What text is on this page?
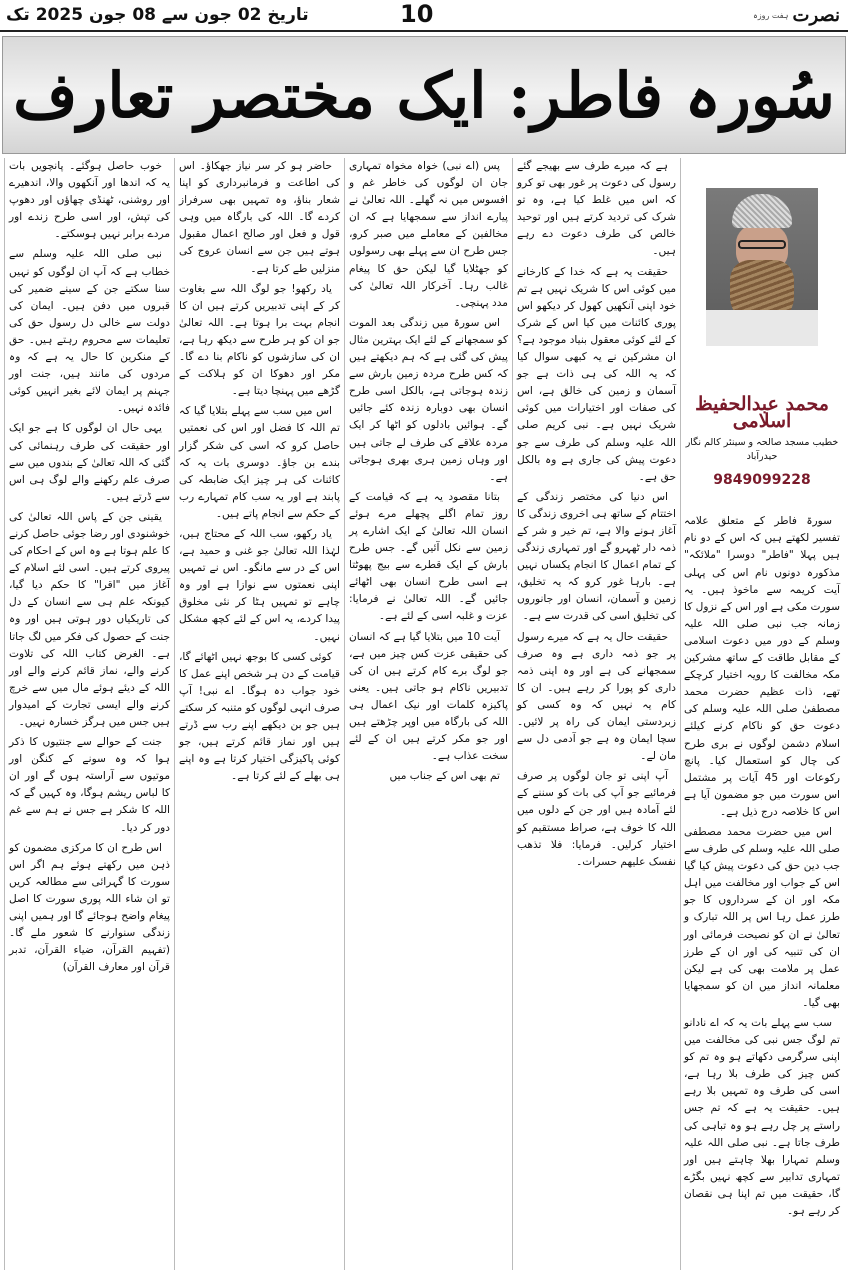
تاریخ 02 جون سے 08 جون 2025 تک	10	ہفت روزہ نصرت
سُورہ فاطر: ایک مختصر تعارف
محمد عبدالحفیظ اسلامی
خطیب مسجد صالحہ و سینئر کالم نگار حیدرآباد
9849099228

سورۃ فاطر کے متعلق علامہ تفسیر لکھتے ہیں کہ اس کے دو نام ہیں پہلا "فاطر" دوسرا "ملائکہ" مذکورہ دونوں نام اس کی پہلی آیت کریمہ سے ماخوذ ہیں۔ یہ سورت مکی ہے اور اس کے نزول کا زمانہ جب نبی صلی اللہ علیہ وسلم کے دور میں دعوت اسلامی کے مقابل طاقت کے ساتھ مشرکین مکہ مخالفت کا رویہ اختیار کرچکے تھے، ذات عظیم حضرت محمد مصطفیٰ صلی اللہ علیہ وسلم کی دعوت حق کو ناکام کرنے کیلئے اسلام دشمن لوگوں نے بری طرح کی چال کو استعمال کیا۔ پانچ رکوعات اور 45 آیات پر مشتمل اس سورت میں جو مضمون آیا ہے اس کا خلاصہ درج ذیل ہے۔

اس میں حضرت محمد مصطفی صلی اللہ علیہ وسلم کی طرف سے جب دین حق کی دعوت پیش کیا گیا اس کے جواب اور مخالفت میں اہل مکہ اور ان کے سرداروں کا جو طرز عمل رہا اس پر اللہ تبارک و تعالیٰ نے ان کو نصیحت فرمائی اور ان کی تنبیہ کی اور ان کے طرز عمل پر ملامت بھی کی ہے لیکن معلمانہ انداز میں ان کو سمجھایا بھی گیا۔

سب سے پہلے بات یہ کہ اے نادانو تم لوگ جس نبی کی مخالفت میں اپنی سرگرمی دکھاتے ہو وہ تم کو کس چیز کی طرف بلا رہا ہے، اسی کی طرف وہ تمہیں بلا رہے ہیں۔ حقیقت یہ ہے کہ تم جس راستے پر چل رہے ہو وہ تباہی کی طرف جاتا ہے۔ نبی صلی اللہ علیہ وسلم تمہارا بھلا چاہتے ہیں اور تمہاری تدابیر سے کچھ نہیں بگڑے گا، حقیقت میں تم اپنا ہی نقصان کر رہے ہو۔

ہے کہ میرے طرف سے بھیجے گئے رسول کی دعوت پر غور بھی تو کرو کہ اس میں غلط کیا ہے، وہ تو شرک کی تردید کرتے ہیں اور توحید خالص کی طرف دعوت دے رہے ہیں۔

حقیقت یہ ہے کہ خدا کے کارخانے میں کوئی اس کا شریک نہیں ہے تم خود اپنی آنکھیں کھول کر دیکھو اس پوری کائنات میں کیا اس کے شرک کے لئے کوئی معقول بنیاد موجود ہے؟ ان مشرکین نے یہ کبھی سوال کیا کہ یہ اللہ کی ہی ذات ہے جو آسمان و زمین کی خالق ہے، اس کی صفات اور اختیارات میں کوئی شریک نہیں ہے۔ نبی کریم صلی اللہ علیہ وسلم کی طرف سے جو دعوت پیش کی جاری ہے وہ بالکل حق ہے۔

اس دنیا کی مختصر زندگی کے اختتام کے ساتھ ہی اخروی زندگی کا آغاز ہونے والا ہے، تم خیر و شر کے ذمہ دار ٹھہرو گے اور تمہاری زندگی کے تمام اعمال کا انجام یکساں نہیں ہے۔ بارہا غور کرو کہ یہ تخلیق، زمین و آسمان، انسان اور جانوروں کی تخلیق اسی کی قدرت سے ہے۔

حقیقت حال یہ ہے کہ میرے رسول پر جو ذمہ داری ہے وہ صرف سمجھانے کی ہے اور وہ اپنی ذمہ داری کو پورا کر رہے ہیں۔ ان کا کام یہ نہیں کہ وہ کسی کو زبردستی ایمان کی راہ پر لائیں۔ سچا ایمان وہ ہے جو آدمی دل سے مان لے۔

آپ اپنی تو جان لوگوں پر صرف فرمائیے جو آپ کی بات کو سننے کے لئے آمادہ ہیں اور جن کے دلوں میں اللہ کا خوف ہے، صراط مستقیم کو اختیار کرلیں۔ فرمایا: فلا تذھب نفسک علیھم حسرات۔

پس (اے نبی) خواہ مخواہ تمہاری جان ان لوگوں کی خاطر غم و افسوس میں نہ گھلے۔ اللہ تعالیٰ نے پیارے انداز سے سمجھایا ہے کہ ان مخالفین کے معاملے میں صبر کرو، جس طرح ان سے پہلے بھی رسولوں کو جھٹلایا گیا لیکن حق کا پیغام غالب رہا۔ آخرکار اللہ تعالیٰ کی مدد پہنچی۔

اس سورۃ میں زندگی بعد الموت کو سمجھانے کے لئے ایک بہترین مثال پیش کی گئی ہے کہ ہم دیکھتے ہیں کہ کس طرح مردہ زمین بارش سے زندہ ہوجاتی ہے، بالکل اسی طرح انسان بھی دوبارہ زندہ کئے جائیں گے۔ ہوائیں بادلوں کو اٹھا کر ایک مردہ علاقے کی طرف لے جاتی ہیں اور وہاں زمین ہری بھری ہوجاتی ہے۔

بتانا مقصود یہ ہے کہ قیامت کے روز تمام اگلے پچھلے مرے ہوئے انسان اللہ تعالیٰ کے ایک اشارے پر زمین سے نکل آئیں گے۔ جس طرح بارش کے ایک قطرے سے بیج پھوٹتا ہے اسی طرح انسان بھی اٹھائے جائیں گے۔ اللہ تعالیٰ نے فرمایا: عزت و غلبہ اسی کے لئے ہے۔

آیت 10 میں بتلایا گیا ہے کہ انسان کی حقیقی عزت کس چیز میں ہے، جو لوگ برے کام کرتے ہیں ان کی تدبیریں ناکام ہو جاتی ہیں۔ یعنی پاکیزہ کلمات اور نیک اعمال ہی اللہ کی بارگاہ میں اوپر چڑھتے ہیں اور جو مکر کرتے ہیں ان کے لئے سخت عذاب ہے۔

تم بھی اس کے جناب میں

حاضر ہو کر سر نیاز جھکاؤ۔ اس کی اطاعت و فرمانبرداری کو اپنا شعار بناؤ، وہ تمہیں بھی سرفراز کردے گا۔ اللہ کی بارگاہ میں وہی قول و فعل اور صالح اعمال مقبول ہوتے ہیں جن سے انسان عروج کی منزلیں طے کرتا ہے۔

یاد رکھو! جو لوگ اللہ سے بغاوت کر کے اپنی تدبیریں کرتے ہیں ان کا انجام بہت برا ہوتا ہے۔ اللہ تعالیٰ جو ان کو ہر طرح سے دیکھ رہا ہے، ان کی سازشوں کو ناکام بنا دے گا۔ مکر اور دھوکا ان کو ہلاکت کے گڑھے میں پہنچا دیتا ہے۔

اس میں سب سے پہلے بتلایا گیا کہ تم اللہ کا فضل اور اس کی نعمتیں حاصل کرو کہ اسی کی شکر گزار بندے بن جاؤ۔ دوسری بات یہ کہ کائنات کی ہر چیز ایک ضابطہ کی پابند ہے اور یہ سب کام تمہارے رب کے حکم سے انجام پاتے ہیں۔

یاد رکھو، سب اللہ کے محتاج ہیں، لہٰذا اللہ تعالیٰ جو غنی و حمید ہے، اس کے در سے مانگو۔ اس نے تمہیں اپنی نعمتوں سے نوازا ہے اور وہ چاہے تو تمہیں ہٹا کر نئی مخلوق پیدا کردے، یہ اس کے لئے کچھ مشکل نہیں۔

کوئی کسی کا بوجھ نہیں اٹھائے گا، قیامت کے دن ہر شخص اپنے عمل کا خود جواب دہ ہوگا۔ اے نبی! آپ صرف انہی لوگوں کو متنبہ کر سکتے ہیں جو بن دیکھے اپنے رب سے ڈرتے ہیں اور نماز قائم کرتے ہیں، جو کوئی پاکیزگی اختیار کرتا ہے وہ اپنے ہی بھلے کے لئے کرتا ہے۔

خوب حاصل ہوگئے۔ پانچویں بات یہ کہ اندھا اور آنکھوں والا، اندھیرے اور روشنی، ٹھنڈی چھاؤں اور دھوپ کی تپش، اور اسی طرح زندے اور مردے برابر نہیں ہوسکتے۔

نبی صلی اللہ علیہ وسلم سے خطاب ہے کہ آپ ان لوگوں کو نہیں سنا سکتے جن کے سینے ضمیر کی قبروں میں دفن ہیں۔ ایمان کی دولت سے خالی دل رسول حق کی تعلیمات سے محروم رہتے ہیں۔ حق کے منکرین کا حال یہ ہے کہ وہ مردوں کی مانند ہیں، جنت اور جہنم پر ایمان لائے بغیر انہیں کوئی فائدہ نہیں۔

یہی حال ان لوگوں کا ہے جو ایک اور حقیقت کی طرف رہنمائی کی گئی کہ اللہ تعالیٰ کے بندوں میں سے صرف علم رکھنے والے لوگ ہی اس سے ڈرتے ہیں۔

یقینی جن کے پاس اللہ تعالیٰ کی خوشنودی اور رضا جوئی حاصل کرنے کا علم ہوتا ہے وہ اس کے احکام کی پیروی کرتے ہیں۔ اسی لئے اسلام کے آغاز میں "اقرا" کا حکم دیا گیا، کیونکہ علم ہی سے انسان کے دل کی تاریکیاں دور ہوتی ہیں اور وہ جنت کے حصول کی فکر میں لگ جاتا ہے۔ الغرض کتاب اللہ کی تلاوت کرنے والے، نماز قائم کرنے والے اور اللہ کے دیئے ہوئے مال میں سے خرچ کرنے والے ایسی تجارت کے امیدوار ہیں جس میں ہرگز خسارہ نہیں۔

جنت کے حوالے سے جنتیوں کا ذکر ہوا کہ وہ سونے کے کنگن اور موتیوں سے آراستہ ہوں گے اور ان کا لباس ریشم ہوگا، وہ کہیں گے کہ اللہ کا شکر ہے جس نے ہم سے غم دور کر دیا۔

اس طرح ان کا مرکزی مضمون کو ذہن میں رکھتے ہوئے ہم اگر اس سورت کا گہرائی سے مطالعہ کریں تو ان شاء اللہ پوری سورت کا اصل پیغام واضح ہوجائے گا اور ہمیں اپنی زندگی سنوارنے کا شعور ملے گا۔ (تفہیم القرآن، ضیاء القرآن، تدبر قرآن اور معارف القرآن)
